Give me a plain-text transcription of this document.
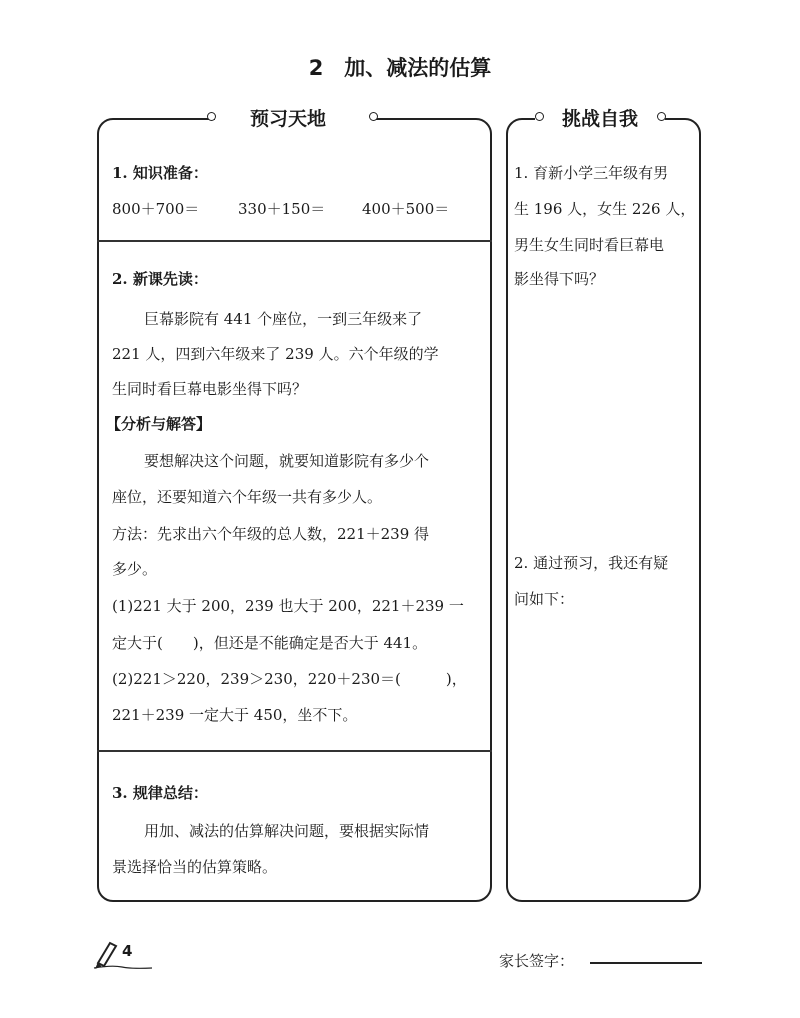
2　加、减法的估算
预习天地
1. 知识准备：
800＋700＝	330＋150＝ 400＋500＝
2. 新课先读：
巨幕影院有 441 个座位，一到三年级来了
221 人，四到六年级来了 239 人。六个年级的学
生同时看巨幕电影坐得下吗？
【分析与解答】
要想解决这个问题，就要知道影院有多少个
座位，还要知道六个年级一共有多少人。
方法：先求出六个年级的总人数，221＋239 得
多少。
(1)221 大于 200，239 也大于 200，221＋239 一
定大于(　　)，但还是不能确定是否大于 441。
(2)221＞220，239＞230，220＋230＝(　　　)，
221＋239 一定大于 450，坐不下。
3. 规律总结：
用加、减法的估算解决问题，要根据实际情
景选择恰当的估算策略。
挑战自我
1. 育新小学三年级有男
生 196 人，女生 226 人，
男生女生同时看巨幕电
影坐得下吗？
2. 通过预习，我还有疑
问如下：
4
家长签字：
